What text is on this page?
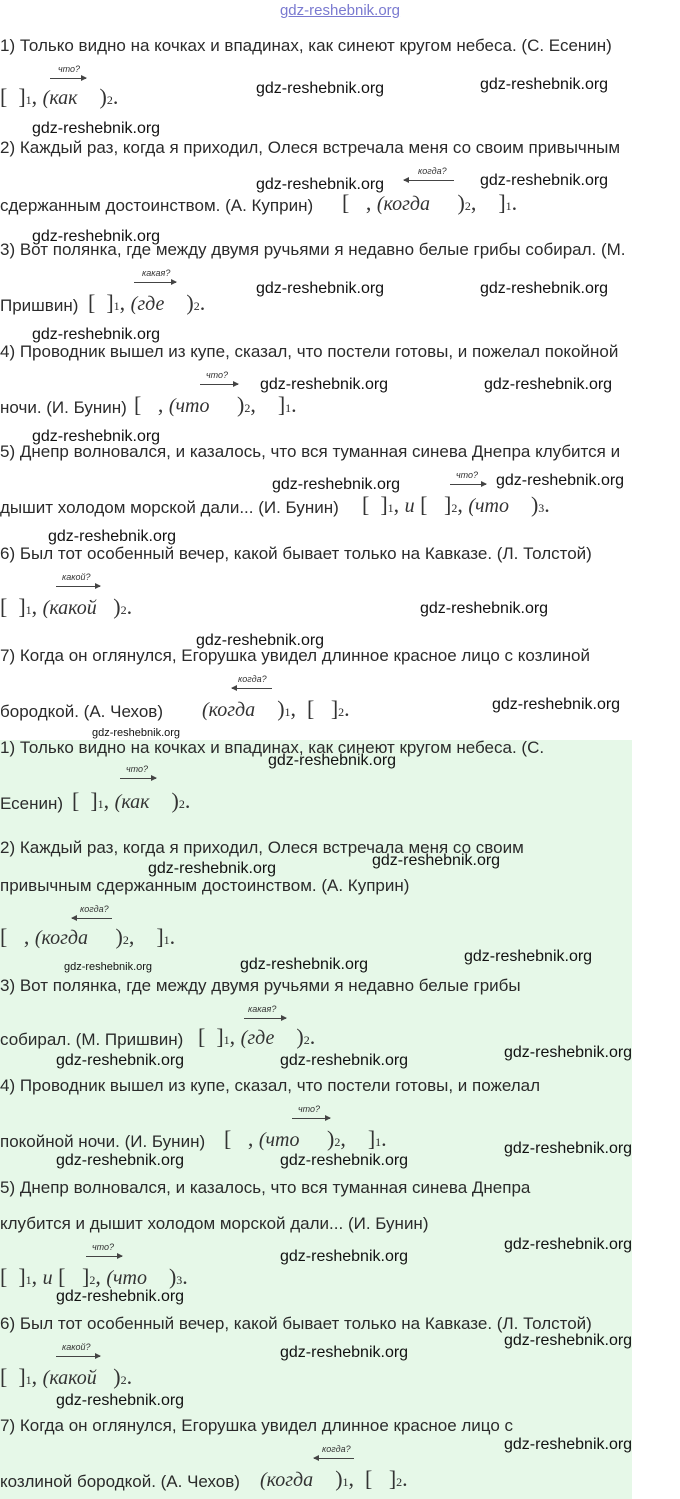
gdz-reshebnik.org
1) Только видно на кочках и впадинах, как синеют кругом небеса. (С. Есенин)
что?
[  ]$_1$ , (как )$_2$ .
2) Каждый раз, когда я приходил, Олеся встречала меня со своим привычным
когда?
сдержанным достоинством. (А. Куприн) [   , (когда )$_2$ ,    ]$_1$ .
3) Вот полянка, где между двумя ручьями я недавно белые грибы собирал. (М.
какая?
Пришвин) [  ]$_1$ , (где )$_2$ .
4) Проводник вышел из купе, сказал, что постели готовы, и пожелал покойной
что?
ночи. (И. Бунин) [   , (что )$_2$ ,    ]$_1$ .
5) Днепр волновался, и казалось, что вся туманная синева Днепра клубится и
что?
дышит холодом морской дали... (И. Бунин) [  ]$_1$ , и [   ]$_2$ , (что )$_3$ .
6) Был тот особенный вечер, какой бывает только на Кавказе. (Л. Толстой)
какой?
[  ]$_1$ , (какой )$_2$ .
7) Когда он оглянулся, Егорушка увидел длинное красное лицо с козлиной
когда?
бородкой. (А. Чехов) (когда )$_1$ ,  [   ]$_2$ .
1) Только видно на кочках и впадинах, как синеют кругом небеса. (С.
что?
Есенин) [  ]$_1$ , (как )$_2$ .
2) Каждый раз, когда я приходил, Олеся встречала меня со своим
привычным сдержанным достоинством. (А. Куприн)
когда?
[   , (когда )$_2$ ,    ]$_1$ .
3) Вот полянка, где между двумя ручьями я недавно белые грибы
какая?
собирал. (М. Пришвин) [  ]$_1$ , (где )$_2$ .
4) Проводник вышел из купе, сказал, что постели готовы, и пожелал
что?
покойной ночи. (И. Бунин) [   , (что )$_2$ ,    ]$_1$ .
5) Днепр волновался, и казалось, что вся туманная синева Днепра
клубится и дышит холодом морской дали... (И. Бунин)
что?
[  ]$_1$ , и [   ]$_2$ , (что )$_3$ .
6) Был тот особенный вечер, какой бывает только на Кавказе. (Л. Толстой)
какой?
[  ]$_1$ , (какой )$_2$ .
7) Когда он оглянулся, Егорушка увидел длинное красное лицо с
когда?
козлиной бородкой. (А. Чехов) (когда )$_1$ ,  [   ]$_2$ .
gdz-reshebnik.org	gdz-reshebnik.org
gdz-reshebnik.org
gdz-reshebnik.org	gdz-reshebnik.org
gdz-reshebnik.org
gdz-reshebnik.org	gdz-reshebnik.org
gdz-reshebnik.org
gdz-reshebnik.org	gdz-reshebnik.org
gdz-reshebnik.org
gdz-reshebnik.org	gdz-reshebnik.org
gdz-reshebnik.org
gdz-reshebnik.org
gdz-reshebnik.org
gdz-reshebnik.org
gdz-reshebnik.org
gdz-reshebnik.org
gdz-reshebnik.org
gdz-reshebnik.org
gdz-reshebnik.org
gdz-reshebnik.org
gdz-reshebnik.org
gdz-reshebnik.org
gdz-reshebnik.org	gdz-reshebnik.org
gdz-reshebnik.org
gdz-reshebnik.org	gdz-reshebnik.org
gdz-reshebnik.org
gdz-reshebnik.org
gdz-reshebnik.org
gdz-reshebnik.org
gdz-reshebnik.org
gdz-reshebnik.org
gdz-reshebnik.org
